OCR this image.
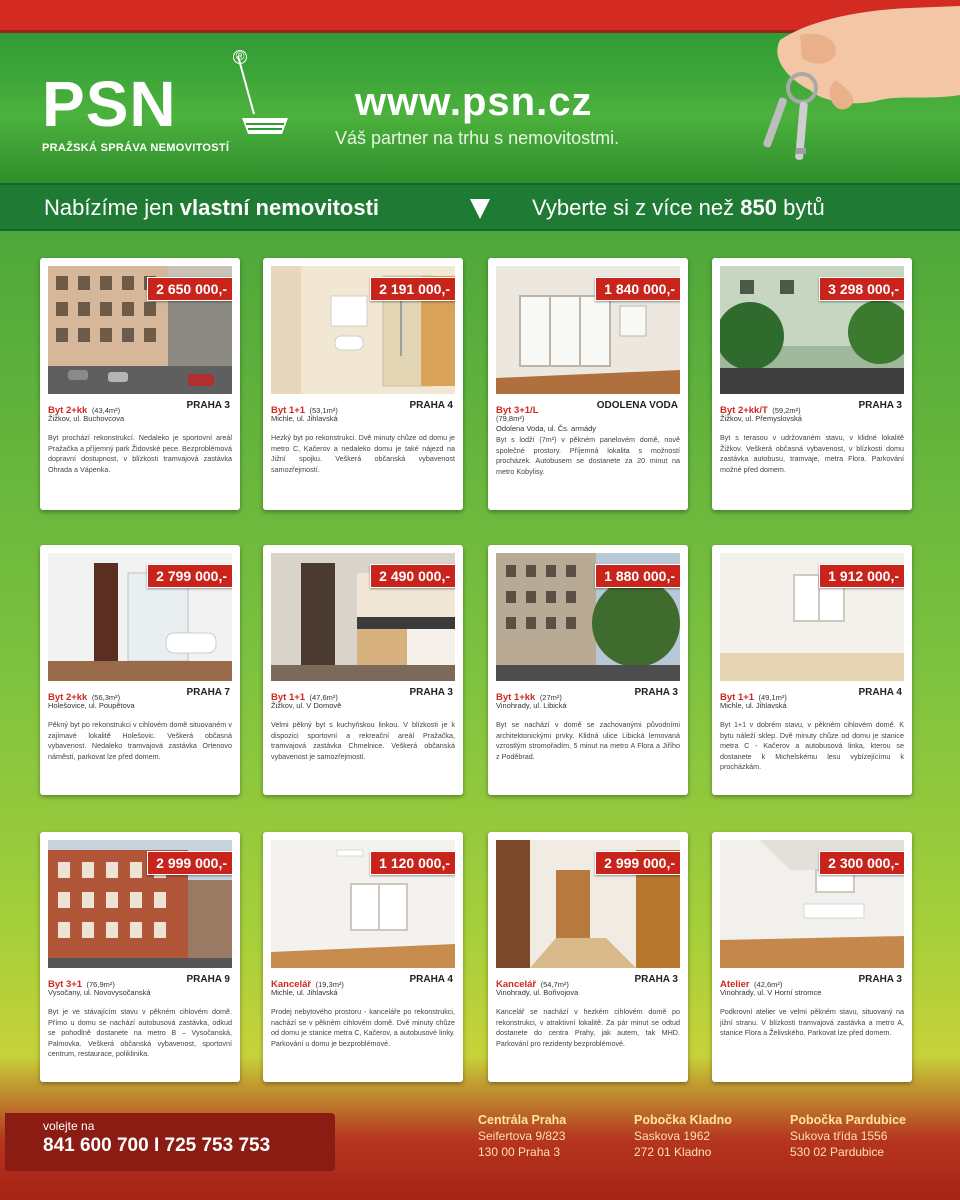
PSN
®
PRAŽSKÁ SPRÁVA NEMOVITOSTÍ
www.psn.cz
Váš partner na trhu s nemovitostmi.
Nabízíme jen vlastní nemovitosti	Vyberte si z více než 850 bytů
2 650 000,-
Byt 2+kk (43,4m²)	PRAHA 3
Žižkov, ul. Buchovcova
Byt prochází rekonstrukcí. Nedaleko je sportovní areál Pražačka a příjemný park Židovské pece. Bezproblémová dopravní dostupnost, v blízkosti tramvajová zastávka Ohrada a Vápenka.
2 191 000,-
Byt 1+1 (53,1m²)	PRAHA 4
Michle, ul. Jihlavská
Hezký byt po rekonstrukci. Dvě minuty chůze od domu je metro C, Kačerov a nedaleko domu je také nájezd na Jižní spojku. Veškerá občanská vybavenost samozřejmostí.
1 840 000,-
Byt 3+1/L	ODOLENA VODA
(79,8m²)
Odolena Voda, ul. Čs. armády
Byt s lodží (7m²) v pěkném panelovém domě, nově společné prostory. Příjemná lokalita s možností procházek. Autobusem se dostanete za 20 minut na metro Kobylisy.
3 298 000,-
Byt 2+kk/T (59,2m²)	PRAHA 3
Žižkov, ul. Přemyslovská
Byt s terasou v udržovaném stavu, v klidné lokalitě Žižkov. Veškerá občasná vybavenost, v blízkosti domu zastávka autobusu, tramvaje, metra Flora. Parkování možné před domem.
2 799 000,-
Byt 2+kk (56,3m²)	PRAHA 7
Holešovice, ul. Poupětova
Pěkný byt po rekonstrukci v cihlovém domě situovaném v zajímavé lokalitě Holešovic. Veškerá občasná vybavenost. Nedaleko tramvajová zastávka Ortenovo náměstí, parkovat lze před domem.
2 490 000,-
Byt 1+1 (47,6m²)	PRAHA 3
Žižkov, ul. V Domově
Velmi pěkný byt s kuchyňskou linkou. V blízkosti je k dispozici sportovní a rekreační areál Pražačka, tramvajová zastávka Chmelnice. Veškerá občanská vybavenost je samozřejmostí.
1 880 000,-
Byt 1+kk (27m²)	PRAHA 3
Vinohrady, ul. Libická
Byt se nachází v domě se zachovanými původními architektonickými prvky. Klidná ulice Libická lemovaná vzrostlým stromořadím, 5 minut na metro A Flora a Jiřího z Poděbrad.
1 912 000,-
Byt 1+1 (49,1m²)	PRAHA 4
Michle, ul. Jihlavská
Byt 1+1 v dobrém stavu, v pěkném cihlovém domě. K bytu náleží sklep. Dvě minuty chůze od domu je stanice metra C - Kačerov a autobusová linka, kterou se dostanete k Michelskému lesu vybízejícímu k procházkám.
2 999 000,-
Byt 3+1 (76,9m²)	PRAHA 9
Vysočany, ul. Novovysočanská
Byt je ve stávajícím stavu v pěkném cihlovém domě. Přímo u domu se nachází autobusová zastávka, odkud se pohodlně dostanete na metro B – Vysočanská, Palmovka. Veškerá občanská vybavenost, sportovní centrum, restaurace, poliklinika.
1 120 000,-
Kancelář (19,3m²)	PRAHA 4
Michle, ul. Jihlavská
Prodej nebytového prostoru - kanceláře po rekonstrukci, nachází se v pěkném cihlovém domě. Dvě minuty chůze od domu je stanice metra C, Kačerov, a autobusové linky. Parkování u domu je bezproblémové.
2 999 000,-
Kancelář (54,7m²)	PRAHA 3
Vinohrady, ul. Bořivojova
Kancelář se nachází v hezkém cihlovém domě po rekonstrukci, v atraktivní lokalitě. Za pár minut se odtud dostanete do centra Prahy, jak autem, tak MHD. Parkování pro rezidenty bezproblémové.
2 300 000,-
Atelier (42,6m²)	PRAHA 3
Vinohrady, ul. V Horní stromce
Podkrovní atelier ve velmi pěkném stavu, situovaný na jižní stranu. V blízkosti tramvajová zastávka a metro A, stanice Flora a Želivského. Parkovat lze před domem.
volejte na
841 600 700 I 725 753 753
Centrála Praha
Seifertova 9/823
130 00 Praha 3
Pobočka Kladno
Saskova 1962
272 01 Kladno
Pobočka Pardubice
Sukova třída 1556
530 02 Pardubice
